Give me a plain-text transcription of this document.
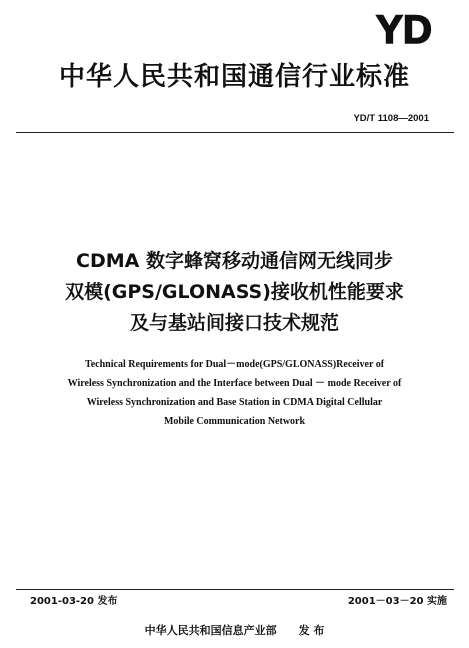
YD
中华人民共和国通信行业标准
YD/T 1108—2001
CDMA 数字蜂窝移动通信网无线同步
双模(GPS/GLONASS)接收机性能要求
及与基站间接口技术规范
Technical Requirements for Dual－mode(GPS/GLONASS)Receiver of
Wireless Synchronization and the Interface between Dual － mode Receiver of
Wireless Synchronization and Base Station in CDMA Digital Cellular
Mobile Communication Network
2001-03-20 发布	2001－03－20 实施
中华人民共和国信息产业部 发 布
